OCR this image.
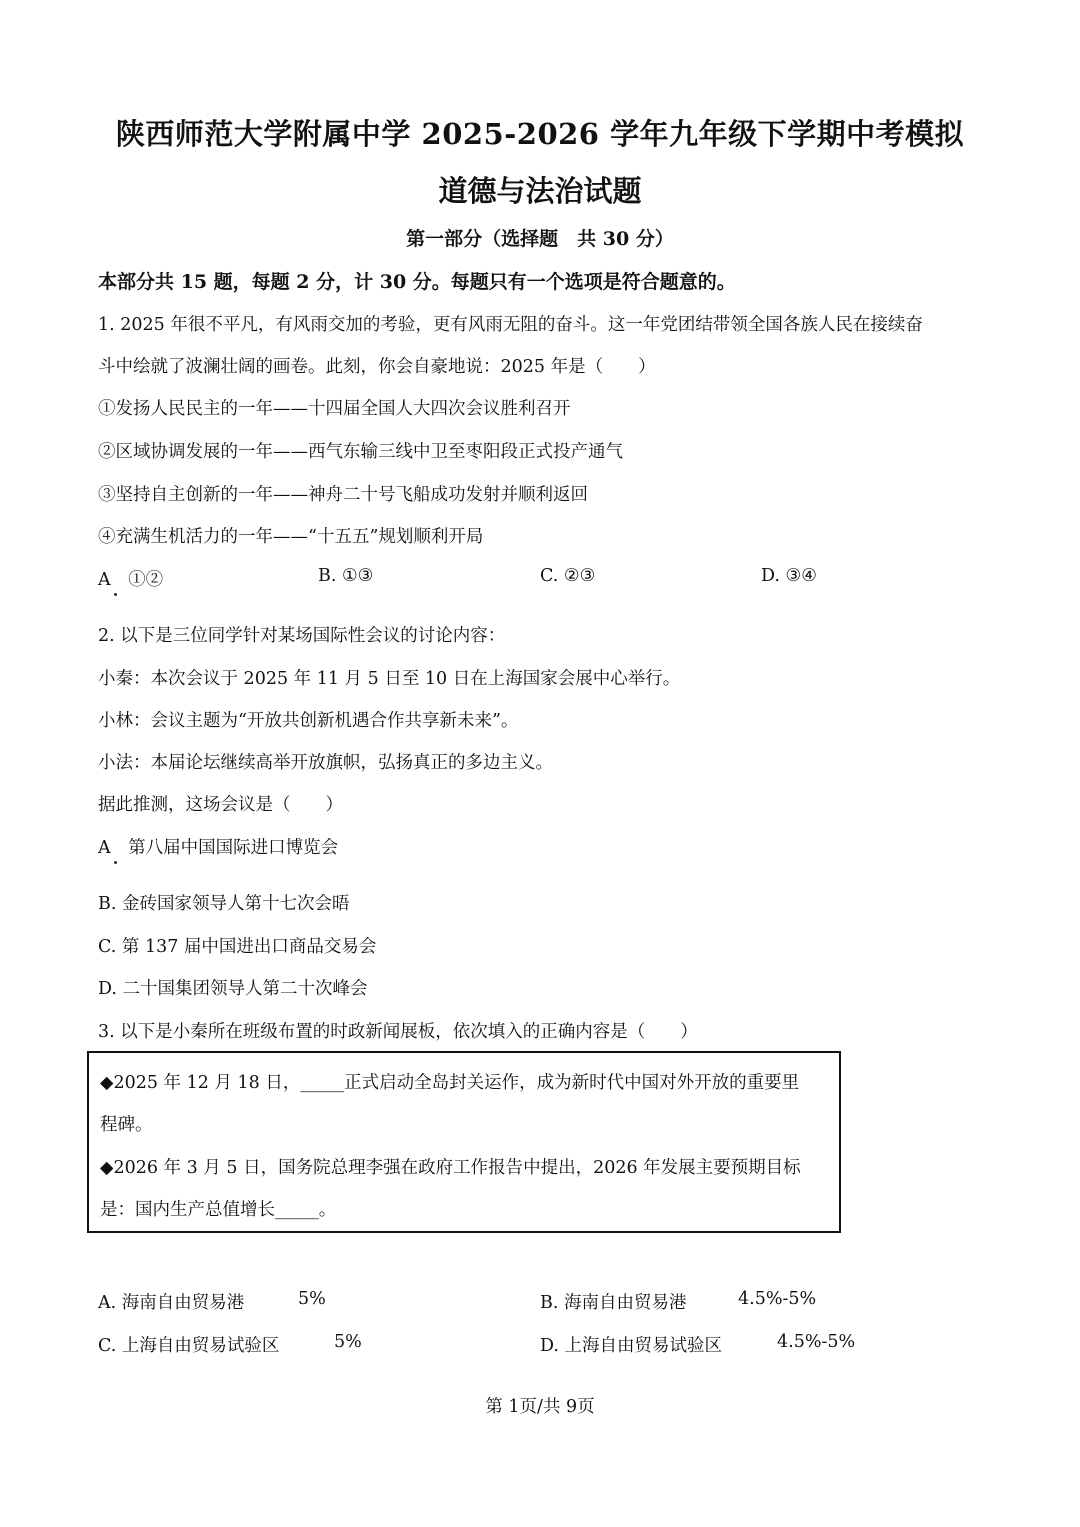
陕西师范大学附属中学 2025-2026 学年九年级下学期中考模拟
道德与法治试题
第一部分（选择题　共 30 分）
本部分共 15 题，每题 2 分，计 30 分。每题只有一个选项是符合题意的。
1. 2025 年很不平凡，有风雨交加的考验，更有风雨无阻的奋斗。这一年党团结带领全国各族人民在接续奋
斗中绘就了波澜壮阔的画卷。此刻，你会自豪地说：2025 年是（　　）
①发扬人民民主的一年——十四届全国人大四次会议胜利召开
②区域协调发展的一年——西气东输三线中卫至枣阳段正式投产通气
③坚持自主创新的一年——神舟二十号飞船成功发射并顺利返回
④充满生机活力的一年——“十五五”规划顺利开局
A　①②	B. ①③	C. ②③	D. ③④
2. 以下是三位同学针对某场国际性会议的讨论内容：
小秦：本次会议于 2025 年 11 月 5 日至 10 日在上海国家会展中心举行。
小林：会议主题为“开放共创新机遇合作共享新未来”。
小法：本届论坛继续高举开放旗帜，弘扬真正的多边主义。
据此推测，这场会议是（　　）
A　第八届中国国际进口博览会
B. 金砖国家领导人第十七次会晤
C. 第 137 届中国进出口商品交易会
D. 二十国集团领导人第二十次峰会
3. 以下是小秦所在班级布置的时政新闻展板，依次填入的正确内容是（　　）
◆2025 年 12 月 18 日，_____正式启动全岛封关运作，成为新时代中国对外开放的重要里
程碑。
◆2026 年 3 月 5 日，国务院总理李强在政府工作报告中提出，2026 年发展主要预期目标
是：国内生产总值增长_____。
A. 海南自由贸易港	5%	B. 海南自由贸易港	4.5%-5%
C. 上海自由贸易试验区	5%	D. 上海自由贸易试验区	4.5%-5%
第 1页/共 9页
